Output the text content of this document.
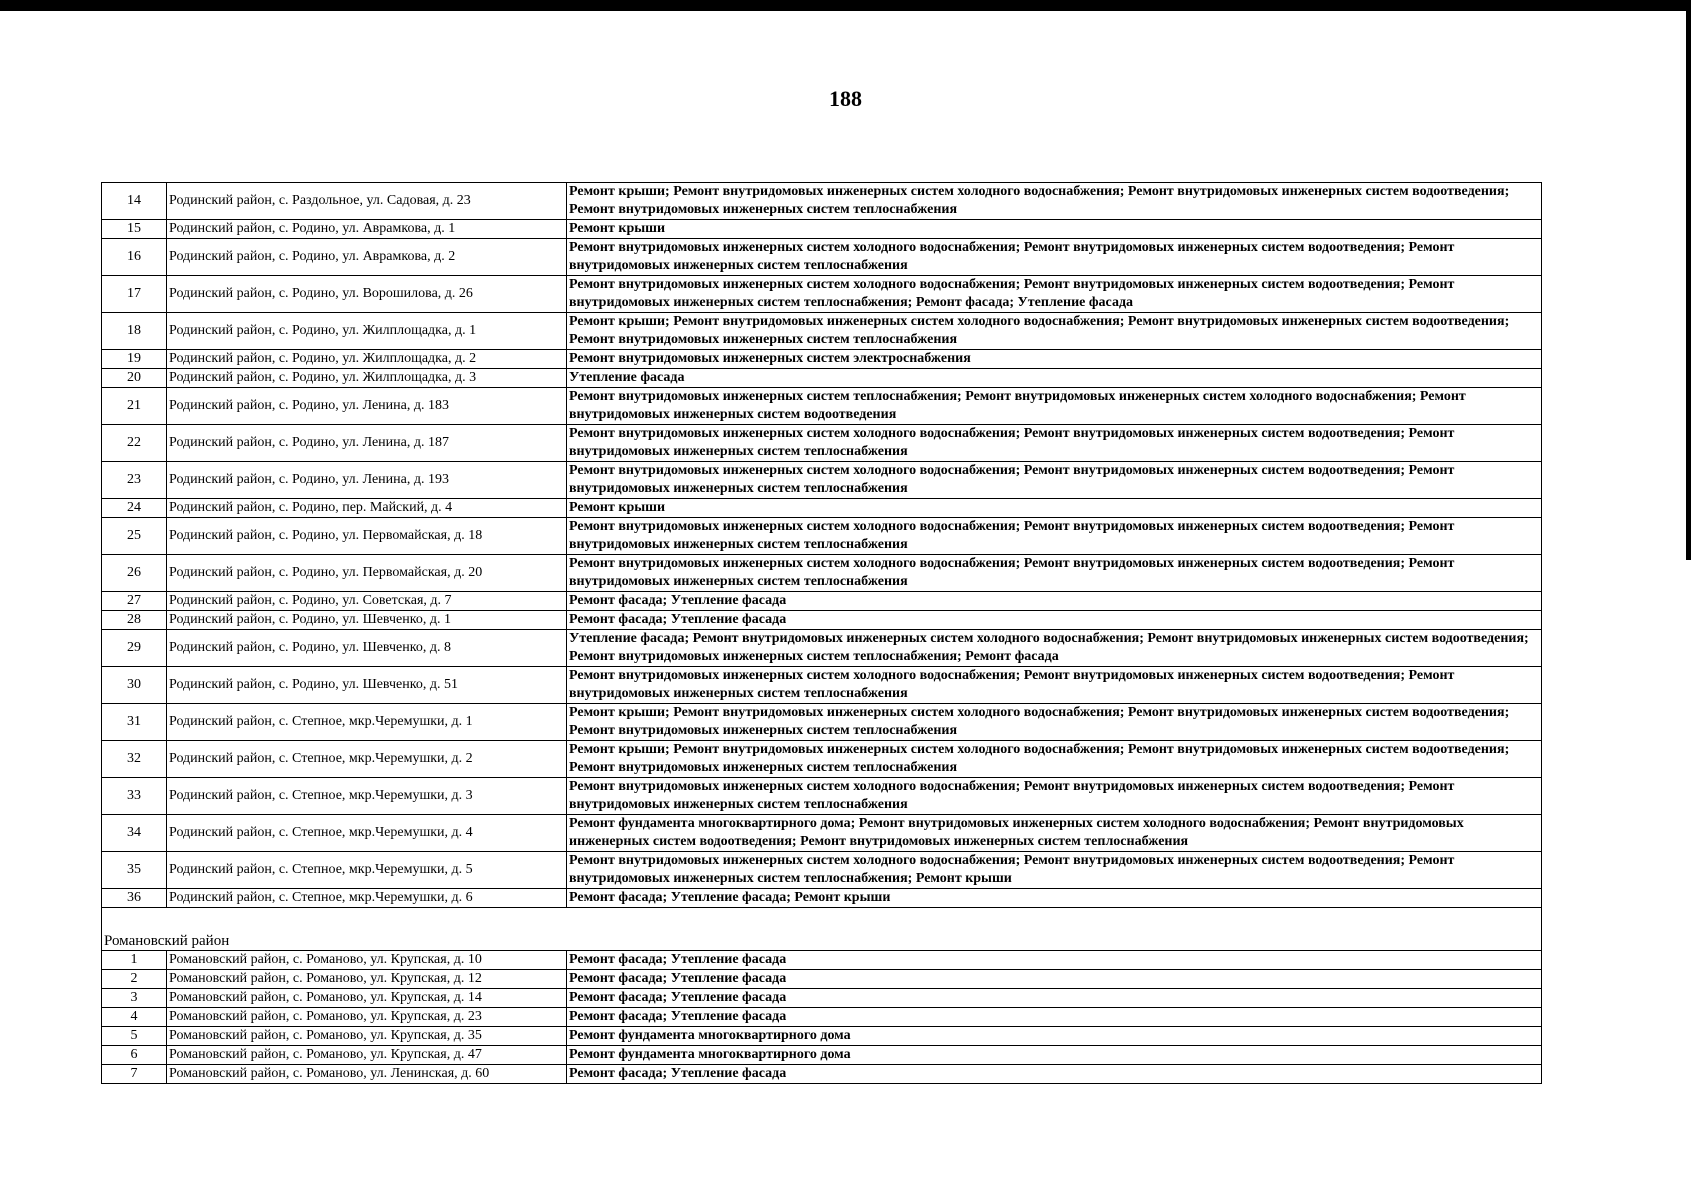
188
14	Родинский район, с. Раздольное, ул. Садовая, д. 23	Ремонт крыши; Ремонт внутридомовых инженерных систем холодного водоснабжения; Ремонт внутридомовых инженерных систем водоотведения; Ремонт внутридомовых инженерных систем теплоснабжения
15	Родинский район, с. Родино, ул. Аврамкова, д. 1	Ремонт крыши
16	Родинский район, с. Родино, ул. Аврамкова, д. 2	Ремонт внутридомовых инженерных систем холодного водоснабжения; Ремонт внутридомовых инженерных систем водоотведения; Ремонт внутридомовых инженерных систем теплоснабжения
17	Родинский район, с. Родино, ул. Ворошилова, д. 26	Ремонт внутридомовых инженерных систем холодного водоснабжения; Ремонт внутридомовых инженерных систем водоотведения; Ремонт внутридомовых инженерных систем теплоснабжения; Ремонт фасада; Утепление фасада
18	Родинский район, с. Родино, ул. Жилплощадка, д. 1	Ремонт крыши; Ремонт внутридомовых инженерных систем холодного водоснабжения; Ремонт внутридомовых инженерных систем водоотведения; Ремонт внутридомовых инженерных систем теплоснабжения
19	Родинский район, с. Родино, ул. Жилплощадка, д. 2	Ремонт внутридомовых инженерных систем электроснабжения
20	Родинский район, с. Родино, ул. Жилплощадка, д. 3	Утепление фасада
21	Родинский район, с. Родино, ул. Ленина, д. 183	Ремонт внутридомовых инженерных систем теплоснабжения; Ремонт внутридомовых инженерных систем холодного водоснабжения; Ремонт внутридомовых инженерных систем водоотведения
22	Родинский район, с. Родино, ул. Ленина, д. 187	Ремонт внутридомовых инженерных систем холодного водоснабжения; Ремонт внутридомовых инженерных систем водоотведения; Ремонт внутридомовых инженерных систем теплоснабжения
23	Родинский район, с. Родино, ул. Ленина, д. 193	Ремонт внутридомовых инженерных систем холодного водоснабжения; Ремонт внутридомовых инженерных систем водоотведения; Ремонт внутридомовых инженерных систем теплоснабжения
24	Родинский район, с. Родино, пер. Майский, д. 4	Ремонт крыши
25	Родинский район, с. Родино, ул. Первомайская, д. 18	Ремонт внутридомовых инженерных систем холодного водоснабжения; Ремонт внутридомовых инженерных систем водоотведения; Ремонт внутридомовых инженерных систем теплоснабжения
26	Родинский район, с. Родино, ул. Первомайская, д. 20	Ремонт внутридомовых инженерных систем холодного водоснабжения; Ремонт внутридомовых инженерных систем водоотведения; Ремонт внутридомовых инженерных систем теплоснабжения
27	Родинский район, с. Родино, ул. Советская, д. 7	Ремонт фасада; Утепление фасада
28	Родинский район, с. Родино, ул. Шевченко, д. 1	Ремонт фасада; Утепление фасада
29	Родинский район, с. Родино, ул. Шевченко, д. 8	Утепление фасада; Ремонт внутридомовых инженерных систем холодного водоснабжения; Ремонт внутридомовых инженерных систем водоотведения; Ремонт внутридомовых инженерных систем теплоснабжения; Ремонт фасада
30	Родинский район, с. Родино, ул. Шевченко, д. 51	Ремонт внутридомовых инженерных систем холодного водоснабжения; Ремонт внутридомовых инженерных систем водоотведения; Ремонт внутридомовых инженерных систем теплоснабжения
31	Родинский район, с. Степное, мкр.Черемушки, д. 1	Ремонт крыши; Ремонт внутридомовых инженерных систем холодного водоснабжения; Ремонт внутридомовых инженерных систем водоотведения; Ремонт внутридомовых инженерных систем теплоснабжения
32	Родинский район, с. Степное, мкр.Черемушки, д. 2	Ремонт крыши; Ремонт внутридомовых инженерных систем холодного водоснабжения; Ремонт внутридомовых инженерных систем водоотведения; Ремонт внутридомовых инженерных систем теплоснабжения
33	Родинский район, с. Степное, мкр.Черемушки, д. 3	Ремонт внутридомовых инженерных систем холодного водоснабжения; Ремонт внутридомовых инженерных систем водоотведения; Ремонт внутридомовых инженерных систем теплоснабжения
34	Родинский район, с. Степное, мкр.Черемушки, д. 4	Ремонт фундамента многоквартирного дома; Ремонт внутридомовых инженерных систем холодного водоснабжения; Ремонт внутридомовых инженерных систем водоотведения; Ремонт внутридомовых инженерных систем теплоснабжения
35	Родинский район, с. Степное, мкр.Черемушки, д. 5	Ремонт внутридомовых инженерных систем холодного водоснабжения; Ремонт внутридомовых инженерных систем водоотведения; Ремонт внутридомовых инженерных систем теплоснабжения; Ремонт крыши
36	Родинский район, с. Степное, мкр.Черемушки, д. 6	Ремонт фасада; Утепление фасада; Ремонт крыши

Романовский район		
1	Романовский район, с. Романово, ул. Крупская, д. 10	Ремонт фасада; Утепление фасада
2	Романовский район, с. Романово, ул. Крупская, д. 12	Ремонт фасада; Утепление фасада
3	Романовский район, с. Романово, ул. Крупская, д. 14	Ремонт фасада; Утепление фасада
4	Романовский район, с. Романово, ул. Крупская, д. 23	Ремонт фасада; Утепление фасада
5	Романовский район, с. Романово, ул. Крупская, д. 35	Ремонт фундамента многоквартирного дома
6	Романовский район, с. Романово, ул. Крупская, д. 47	Ремонт фундамента многоквартирного дома
7	Романовский район, с. Романово, ул. Ленинская, д. 60	Ремонт фасада; Утепление фасада
